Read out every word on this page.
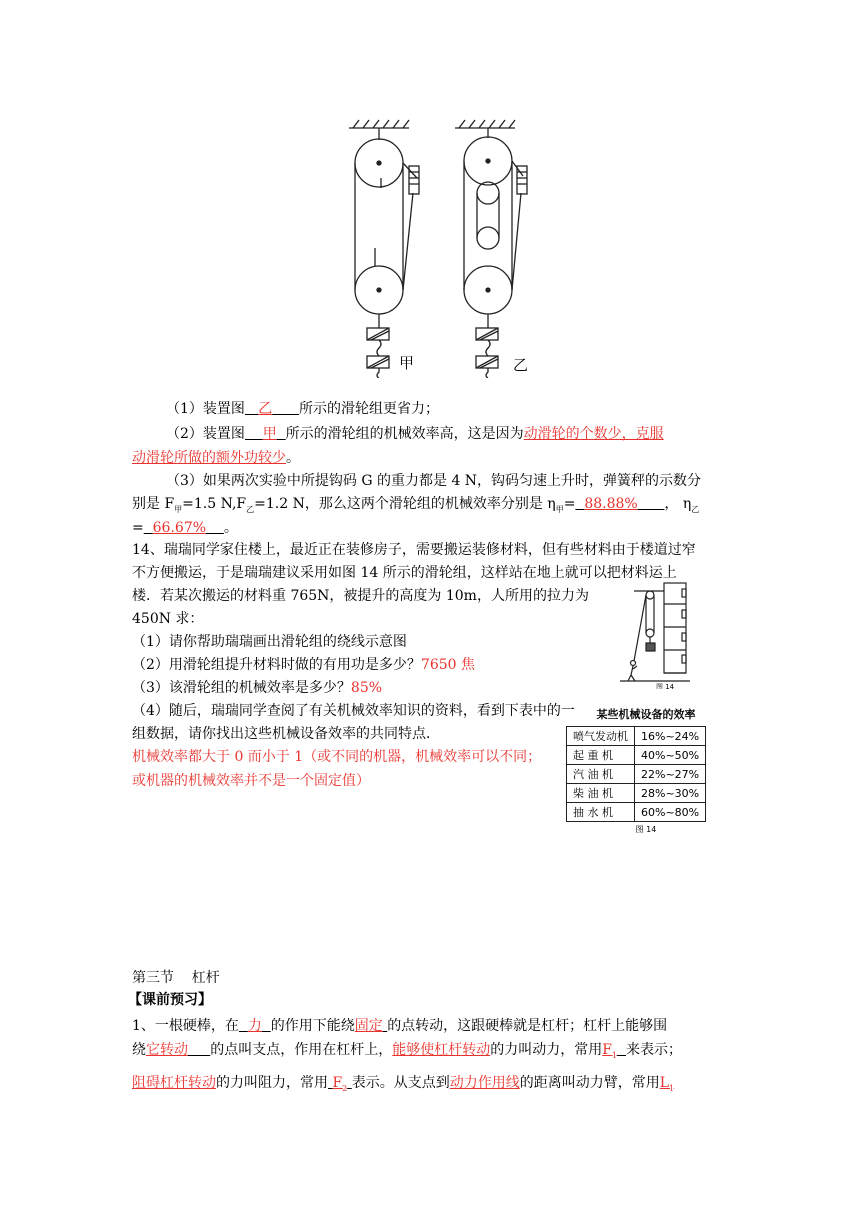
甲	乙
（1）装置图 乙 所示的滑轮组更省力；
（2）装置图 甲 所示的滑轮组的机械效率高，这是因为动滑轮的个数少，克服
动滑轮所做的额外功较少。
（3）如果两次实验中所提钩码 G 的重力都是 4 N，钩码匀速上升时，弹簧秤的示数分
别是 $F_甲=1.5$ $N,F_乙=1.2$ N，那么这两个滑轮组的机械效率分别是 $\eta_甲= 88.88\%$ ， $\eta_乙$
= 66.67% 。
14、瑞瑞同学家住楼上，最近正在装修房子，需要搬运装修材料，但有些材料由于楼道过窄
不方便搬运，于是瑞瑞建议采用如图 14 所示的滑轮组，这样站在地上就可以把材料运上
楼．若某次搬运的材料重 765N，被提升的高度为 10m，人所用的拉力为
450N 求：
（1）请你帮助瑞瑞画出滑轮组的绕线示意图
（2）用滑轮组提升材料时做的有用功是多少？7650 焦
（3）该滑轮组的机械效率是多少？85%
（4）随后，瑞瑞同学查阅了有关机械效率知识的资料，看到下表中的一
组数据，请你找出这些机械设备效率的共同特点．
机械效率都大于 0 而小于 1（或不同的机器，机械效率可以不同；
或机器的机械效率并不是一个固定值）
图 14
某些机械设备的效率
喷气发动机	16%~24%
起 重 机	40%~50%
汽 油 机	22%~27%
柴 油 机	28%~30%
抽 水 机	60%~80%
图 14
第三节    杠杆
【课前预习】
1、一根硬棒，在 力 的作用下能绕固定 的点转动，这跟硬棒就是杠杆；杠杆上能够围
绕它转动 的点叫支点，作用在杠杆上，能够使杠杆转动的力叫动力，常用$F_1$ 来表示；
阻碍杠杆转动的力叫阻力，常用 $F_2$ 表示。从支点到动力作用线的距离叫动力臂，常用$L_1$
